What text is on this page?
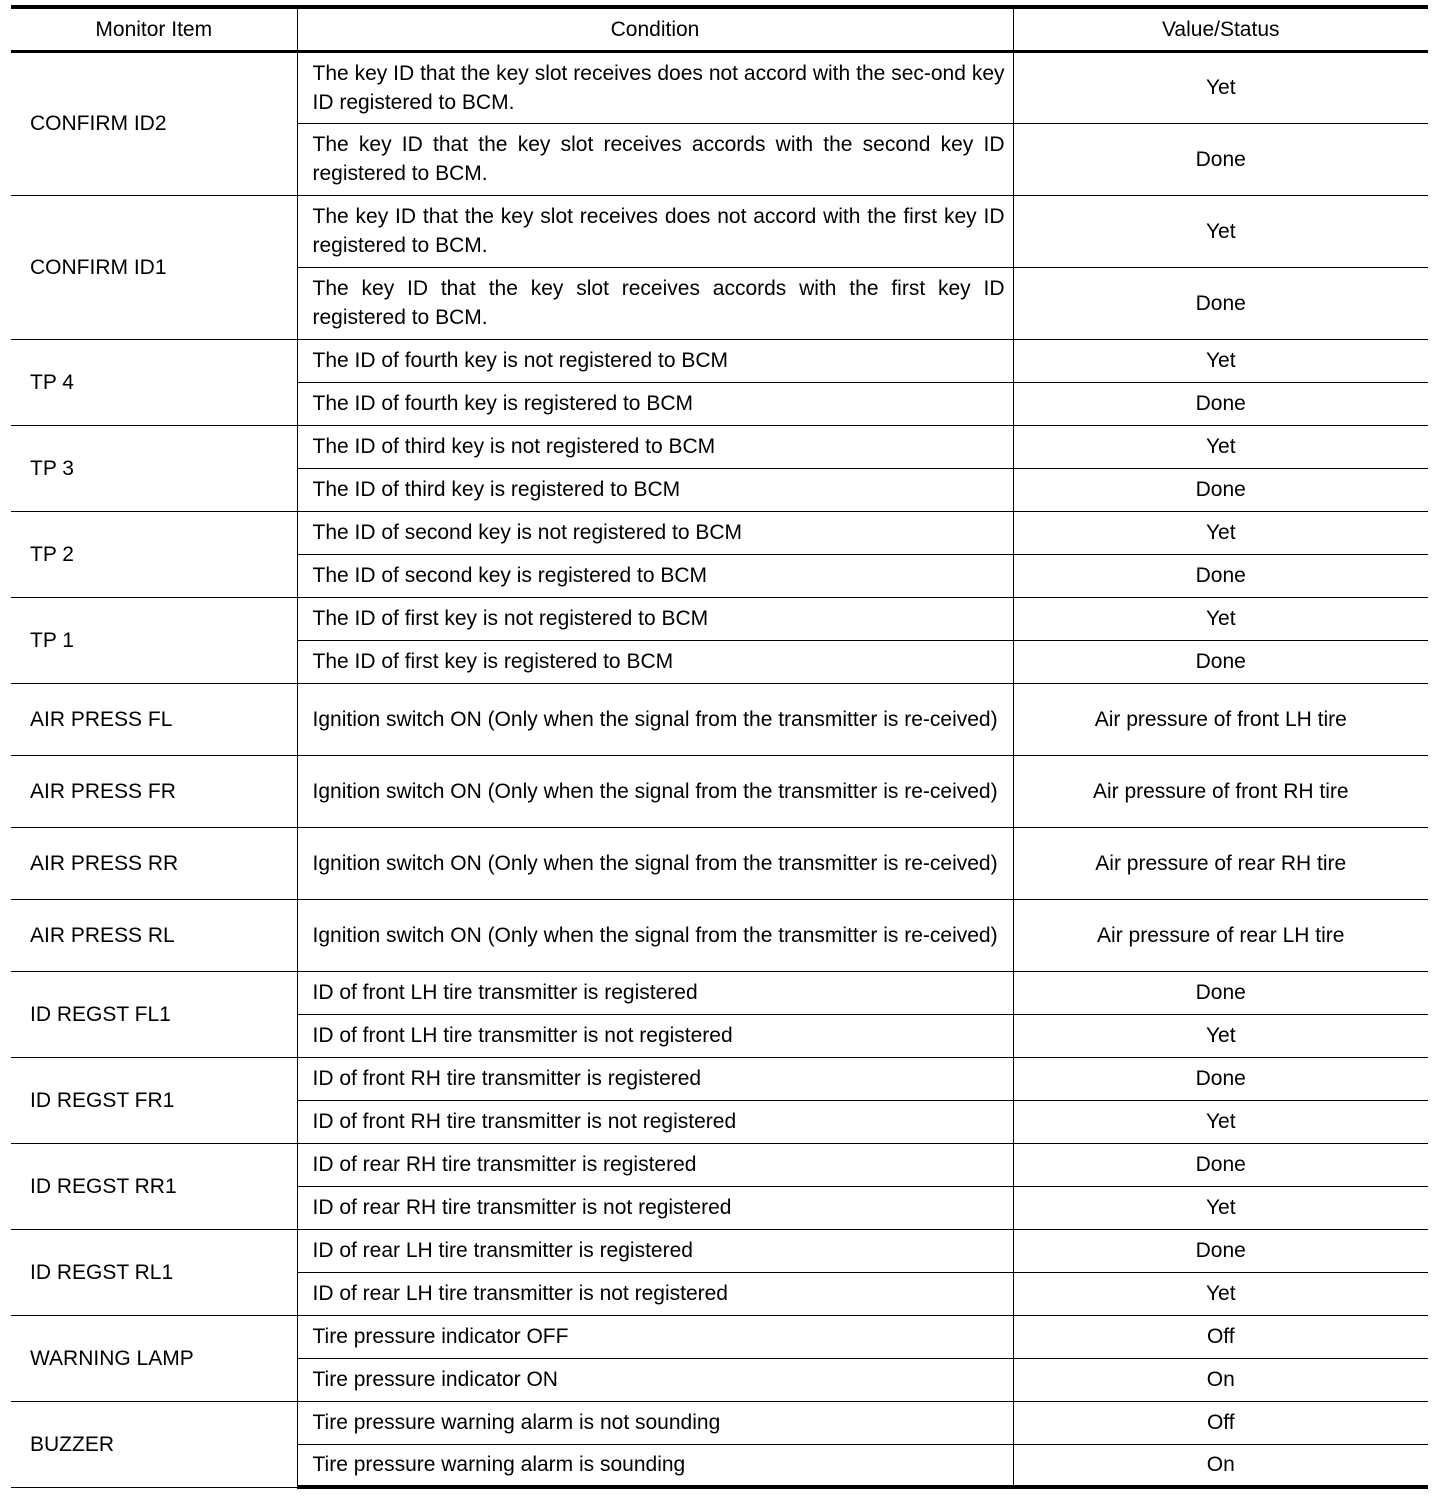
Monitor Item	Condition	Value/Status
CONFIRM ID2	The key ID that the key slot receives does not accord with the sec-ond key ID registered to BCM.	Yet
	The key ID that the key slot receives accords with the second key ID registered to BCM.	Done
CONFIRM ID1	The key ID that the key slot receives does not accord with the first key ID registered to BCM.	Yet
	The key ID that the key slot receives accords with the first key ID registered to BCM.	Done
TP 4	The ID of fourth key is not registered to BCM	Yet
	The ID of fourth key is registered to BCM	Done
TP 3	The ID of third key is not registered to BCM	Yet
	The ID of third key is registered to BCM	Done
TP 2	The ID of second key is not registered to BCM	Yet
	The ID of second key is registered to BCM	Done
TP 1	The ID of first key is not registered to BCM	Yet
	The ID of first key is registered to BCM	Done
AIR PRESS FL	Ignition switch ON (Only when the signal from the transmitter is re-ceived)	Air pressure of front LH tire
AIR PRESS FR	Ignition switch ON (Only when the signal from the transmitter is re-ceived)	Air pressure of front RH tire
AIR PRESS RR	Ignition switch ON (Only when the signal from the transmitter is re-ceived)	Air pressure of rear RH tire
AIR PRESS RL	Ignition switch ON (Only when the signal from the transmitter is re-ceived)	Air pressure of rear LH tire
ID REGST FL1	ID of front LH tire transmitter is registered	Done
	ID of front LH tire transmitter is not registered	Yet
ID REGST FR1	ID of front RH tire transmitter is registered	Done
	ID of front RH tire transmitter is not registered	Yet
ID REGST RR1	ID of rear RH tire transmitter is registered	Done
	ID of rear RH tire transmitter is not registered	Yet
ID REGST RL1	ID of rear LH tire transmitter is registered	Done
	ID of rear LH tire transmitter is not registered	Yet
WARNING LAMP	Tire pressure indicator OFF	Off
	Tire pressure indicator ON	On
BUZZER	Tire pressure warning alarm is not sounding	Off
	Tire pressure warning alarm is sounding	On
